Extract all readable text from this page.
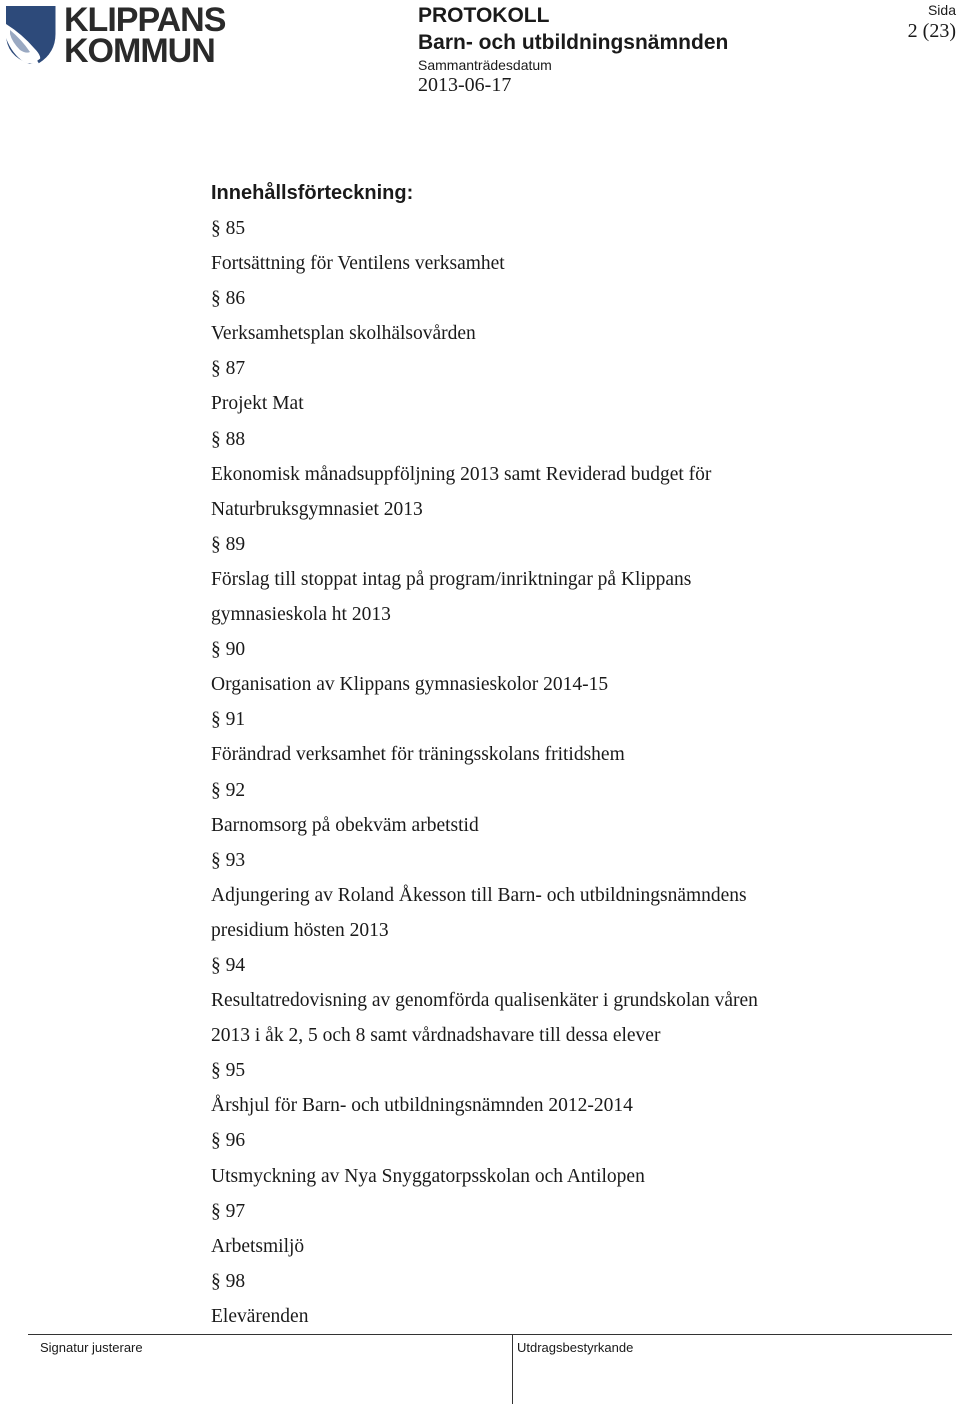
KLIPPANS
KOMMUN
PROTOKOLL
Barn- och utbildningsnämnden
Sammanträdesdatum
2013-06-17
Sida
2 (23)
Innehållsförteckning:
§ 85
Fortsättning för Ventilens verksamhet
§ 86
Verksamhetsplan skolhälsovården
§ 87
Projekt Mat
§ 88
Ekonomisk månadsuppföljning 2013 samt Reviderad budget för
Naturbruksgymnasiet 2013
§ 89
Förslag till stoppat intag på program/inriktningar på Klippans
gymnasieskola ht 2013
§ 90
Organisation av Klippans gymnasieskolor 2014-15
§ 91
Förändrad verksamhet för träningsskolans fritidshem
§ 92
Barnomsorg på obekväm arbetstid
§ 93
Adjungering av Roland Åkesson till Barn- och utbildningsnämndens
presidium hösten 2013
§ 94
Resultatredovisning av genomförda qualisenkäter i grundskolan våren
2013 i åk 2, 5 och 8 samt vårdnadshavare till dessa elever
§ 95
Årshjul för Barn- och utbildningsnämnden 2012-2014
§ 96
Utsmyckning av Nya Snyggatorpsskolan och Antilopen
§ 97
Arbetsmiljö
§ 98
Elevärenden
Signatur justerare	Utdragsbestyrkande
